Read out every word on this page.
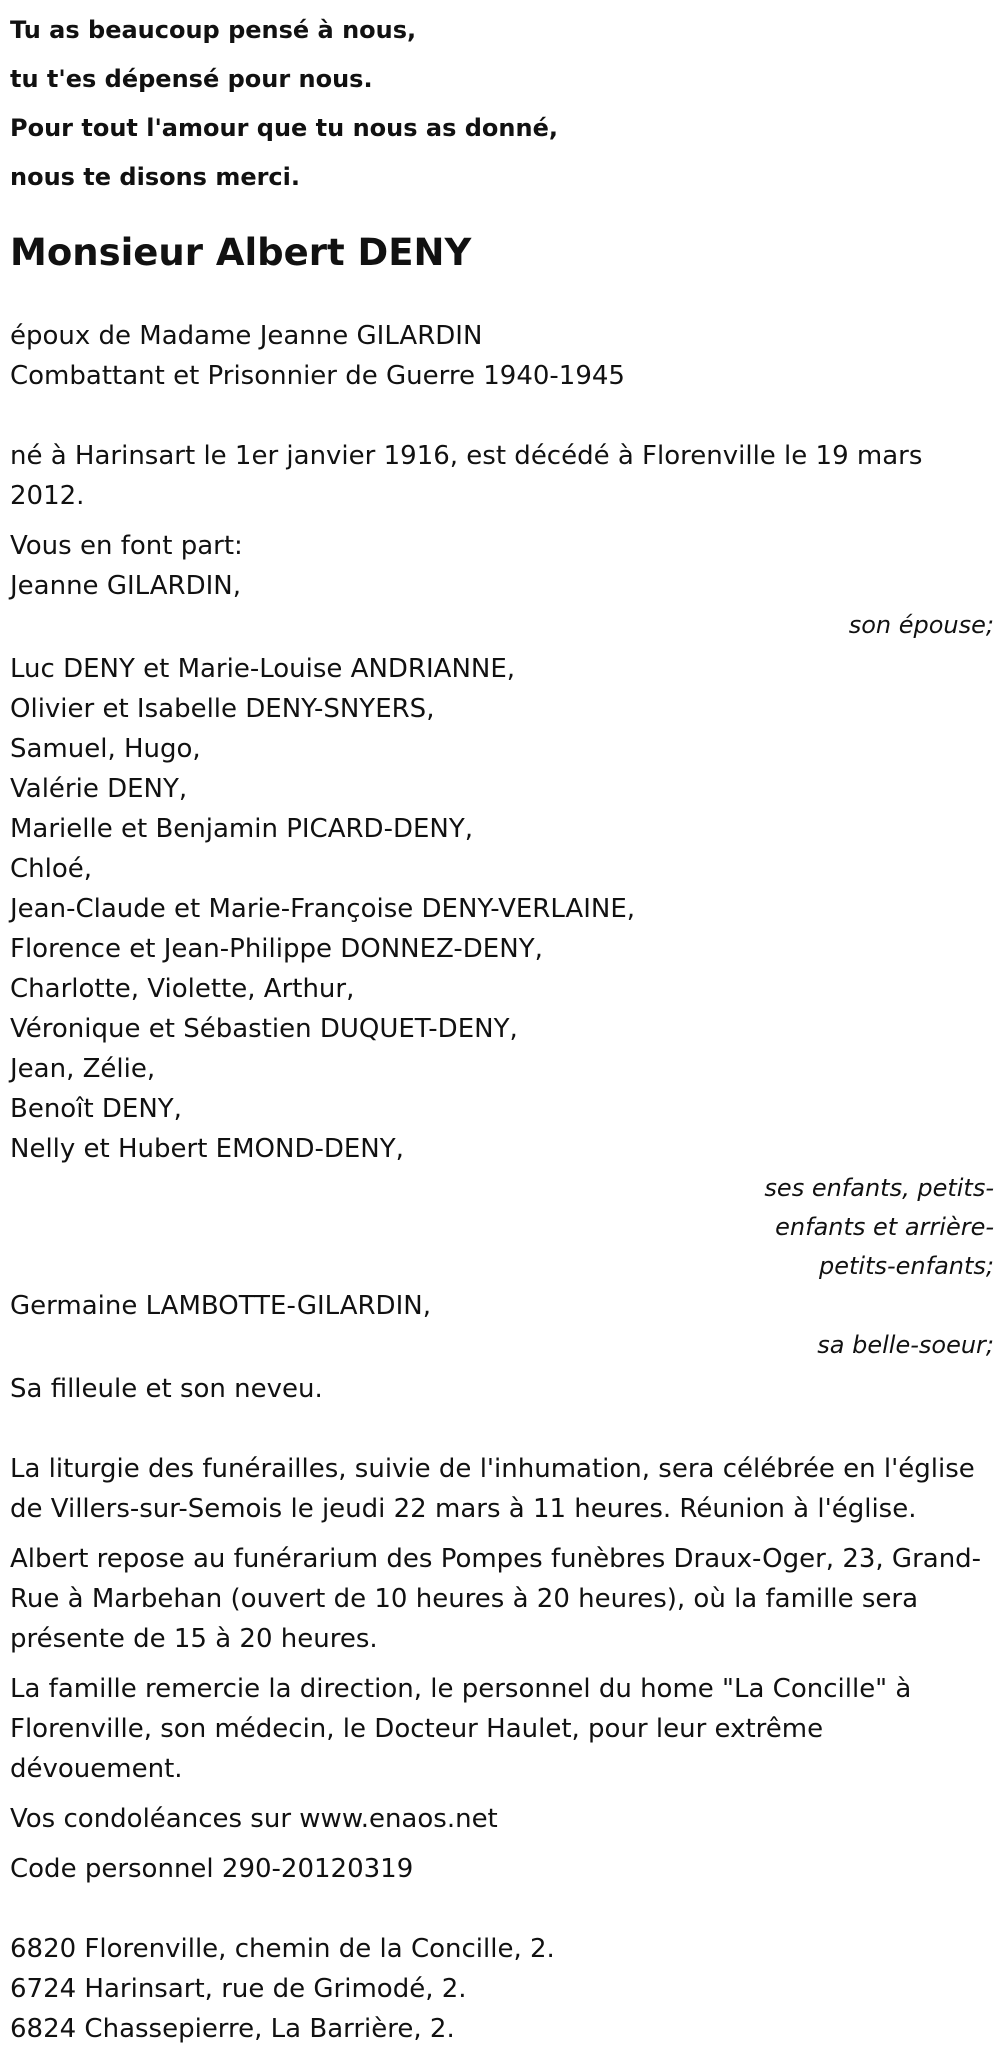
Tu as beaucoup pensé à nous,

tu t'es dépensé pour nous.

Pour tout l'amour que tu nous as donné,

nous te disons merci.

Monsieur Albert DENY

époux de Madame Jeanne GILARDIN

Combattant et Prisonnier de Guerre 1940-1945

né à Harinsart le 1er janvier 1916, est décédé à Florenville le 19 mars 2012.

Vous en font part:

Jeanne GILARDIN,

son épouse;

Luc DENY et Marie-Louise ANDRIANNE,

Olivier et Isabelle DENY-SNYERS,

Samuel, Hugo,

Valérie DENY,

Marielle et Benjamin PICARD-DENY,

Chloé,

Jean-Claude et Marie-Françoise DENY-VERLAINE,

Florence et Jean-Philippe DONNEZ-DENY,

Charlotte, Violette, Arthur,

Véronique et Sébastien DUQUET-DENY,

Jean, Zélie,

Benoît DENY,

Nelly et Hubert EMOND-DENY,

ses enfants, petits-enfants et arrière-petits-enfants;

Germaine LAMBOTTE-GILARDIN,

sa belle-soeur;

Sa filleule et son neveu.

La liturgie des funérailles, suivie de l'inhumation, sera célébrée en l'église de Villers-sur-Semois le jeudi 22 mars à 11 heures. Réunion à l'église.

Albert repose au funérarium des Pompes funèbres Draux-Oger, 23, Grand-Rue à Marbehan (ouvert de 10 heures à 20 heures), où la famille sera présente de 15 à 20 heures.

La famille remercie la direction, le personnel du home "La Concille" à Florenville, son médecin, le Docteur Haulet, pour leur extrême dévouement.

Vos condoléances sur www.enaos.net

Code personnel 290-20120319

6820 Florenville, chemin de la Concille, 2.

6724 Harinsart, rue de Grimodé, 2.

6824 Chassepierre, La Barrière, 2.
